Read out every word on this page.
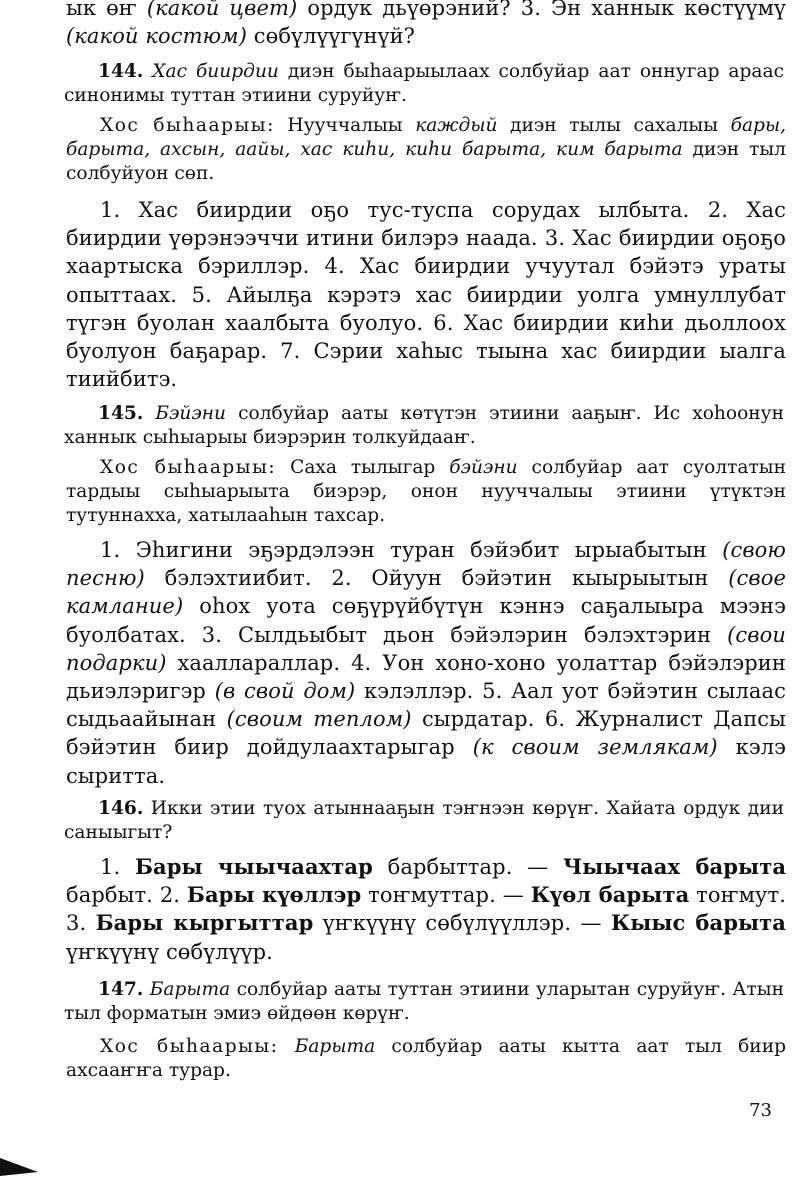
ык өҥ (какой цвет) ордук дьүөрэний? 3. Эн ханнык көстүүмү (какой костюм) сөбүлүүгүнүй?

144. Хас биирдии диэн быһаарыылаах солбуйар аат оннугар араас синонимы туттан этиини суруйуҥ.

Хос быһаарыы: Нууччалыы каждый диэн тылы сахалыы бары, барыта, ахсын, аайы, хас киһи, киһи барыта, ким барыта диэн тыл солбуйуон сөп.

1. Хас биирдии оҕо тус-туспа сорудах ылбыта. 2. Хас биирдии үөрэнээччи итини билэрэ наада. 3. Хас биирдии оҕоҕо хаартыска бэриллэр. 4. Хас биирдии учуутал бэйэтэ ураты опыттаах. 5. Айылҕа кэрэтэ хас биирдии уолга умнуллубат түгэн буолан хаалбыта буолуо. 6. Хас биирдии киһи дьоллоох буолуон баҕарар. 7. Сэрии хаһыс тыына хас биирдии ыалга тиийбитэ.

145. Бэйэни солбуйар ааты көтүтэн этиини ааҕыҥ. Ис хоһоонун ханнык сыһыарыы биэрэрин толкуйдааҥ.

Хос быһаарыы: Саха тылыгар бэйэни солбуйар аат суолтатын тардыы сыһыарыыта биэрэр, онон нууччалыы этиини үтүктэн тутуннахха, хатылааһын тахсар.

1. Эһигини эҕэрдэлээн туран бэйэбит ырыабытын (свою песню) бэлэхтиибит. 2. Ойуун бэйэтин кыырыытын (свое камлание) оһох уота сөҕүрүйбүтүн кэннэ саҕалыыра мээнэ буолбатах. 3. Сылдьыбыт дьон бэйэлэрин бэлэхтэрин (свои подарки) хааллараллар. 4. Уон хоно-хоно уолаттар бэйэлэрин дьиэлэригэр (в свой дом) кэлэллэр. 5. Аал уот бэйэтин сылаас сыдьаайынан (своим теплом) сырдатар. 6. Журналист Дапсы бэйэтин биир дойдулаахтарыгар (к своим землякам) кэлэ сыритта.

146. Икки этии туох атыннааҕын тэҥнээн көрүҥ. Хайата ордук дии саныыгыт?

1. Бары чыычаахтар барбыттар. — Чыычаах барыта барбыт. 2. Бары күөллэр тоҥмуттар. — Күөл барыта тоҥмут. 3. Бары кыргыттар үҥкүүнү сөбүлүүллэр. — Кыыс барыта үҥкүүнү сөбүлүүр.

147. Барыта солбуйар ааты туттан этиини уларытан суруйуҥ. Атын тыл форматын эмиэ өйдөөн көрүҥ.

Хос быһаарыы: Барыта солбуйар ааты кытта аат тыл биир ахсааҥҥа турар.

73
